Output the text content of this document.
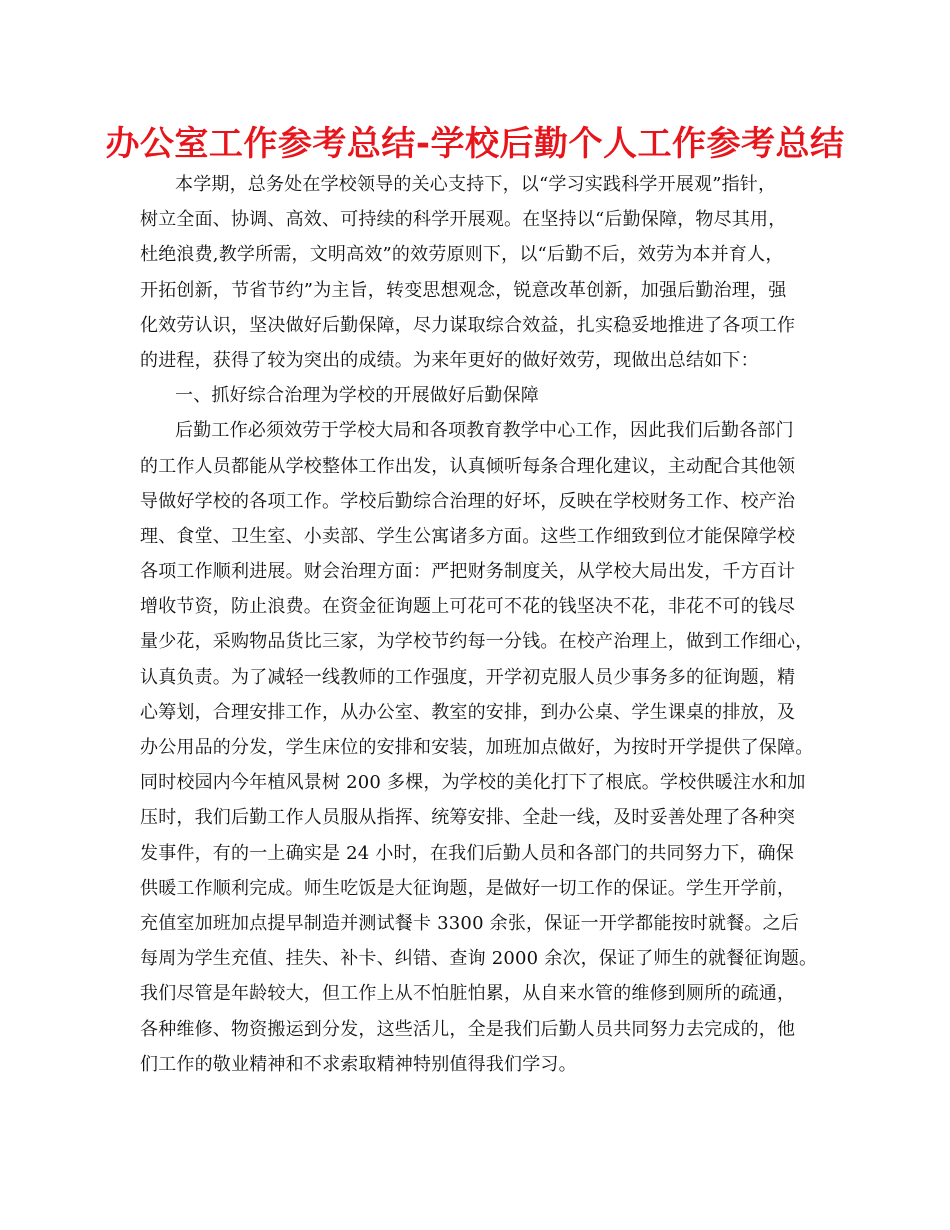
办公室工作参考总结-学校后勤个人工作参考总结
本学期，总务处在学校领导的关心支持下，以“学习实践科学开展观”指针，
树立全面、协调、高效、可持续的科学开展观。在坚持以“后勤保障，物尽其用，
杜绝浪费,教学所需，文明高效”的效劳原则下，以“后勤不后，效劳为本并育人，
开拓创新，节省节约”为主旨，转变思想观念，锐意改革创新，加强后勤治理，强
化效劳认识，坚决做好后勤保障，尽力谋取综合效益，扎实稳妥地推进了各项工作
的进程，获得了较为突出的成绩。为来年更好的做好效劳，现做出总结如下：
一、抓好综合治理为学校的开展做好后勤保障
后勤工作必须效劳于学校大局和各项教育教学中心工作，因此我们后勤各部门
的工作人员都能从学校整体工作出发，认真倾听每条合理化建议，主动配合其他领
导做好学校的各项工作。学校后勤综合治理的好坏，反映在学校财务工作、校产治
理、食堂、卫生室、小卖部、学生公寓诸多方面。这些工作细致到位才能保障学校
各项工作顺利进展。财会治理方面：严把财务制度关，从学校大局出发，千方百计
增收节资，防止浪费。在资金征询题上可花可不花的钱坚决不花，非花不可的钱尽
量少花，采购物品货比三家，为学校节约每一分钱。在校产治理上，做到工作细心，
认真负责。为了减轻一线教师的工作强度，开学初克服人员少事务多的征询题，精
心筹划，合理安排工作，从办公室、教室的安排，到办公桌、学生课桌的排放，及
办公用品的分发，学生床位的安排和安装，加班加点做好，为按时开学提供了保障。
同时校园内今年植风景树 200 多棵，为学校的美化打下了根底。学校供暖注水和加
压时，我们后勤工作人员服从指挥、统筹安排、全赴一线，及时妥善处理了各种突
发事件，有的一上确实是 24 小时，在我们后勤人员和各部门的共同努力下，确保
供暖工作顺利完成。师生吃饭是大征询题，是做好一切工作的保证。学生开学前，
充值室加班加点提早制造并测试餐卡 3300 余张，保证一开学都能按时就餐。之后
每周为学生充值、挂失、补卡、纠错、查询 2000 余次，保证了师生的就餐征询题。
我们尽管是年龄较大，但工作上从不怕脏怕累，从自来水管的维修到厕所的疏通，
各种维修、物资搬运到分发，这些活儿，全是我们后勤人员共同努力去完成的，他
们工作的敬业精神和不求索取精神特别值得我们学习。
